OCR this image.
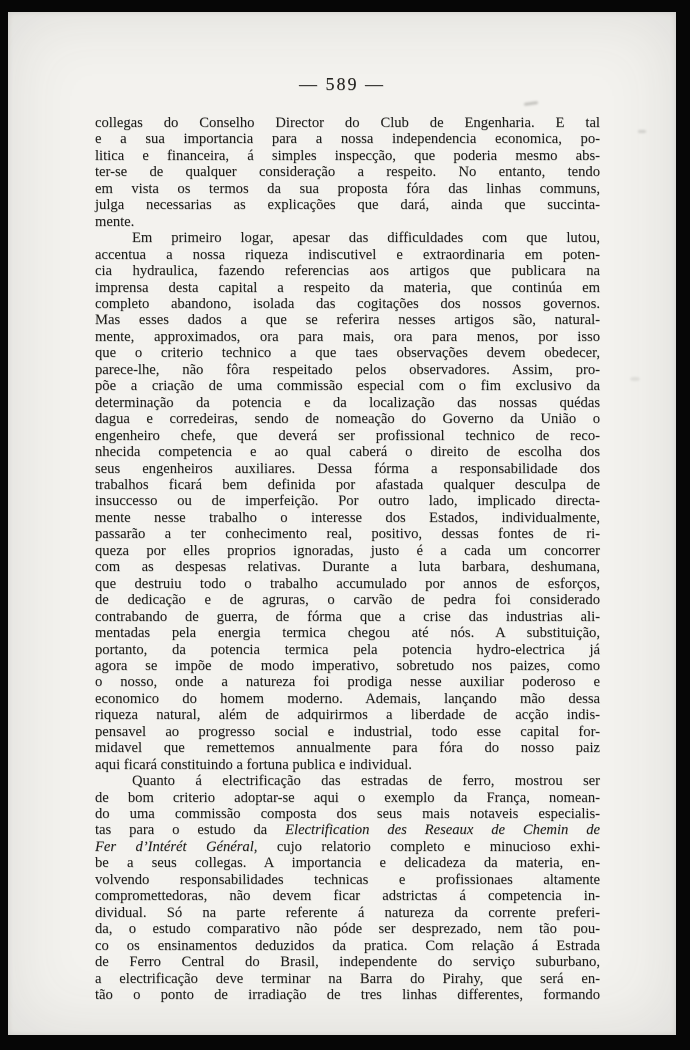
— 589 —

collegas do Conselho Director do Club de Engenharia. E tal
e a sua importancia para a nossa independencia economica, po-
litica e financeira, á simples inspecção, que poderia mesmo abs-
ter-se de qualquer consideração a respeito. No entanto, tendo
em vista os termos da sua proposta fóra das linhas communs,
julga necessarias as explicações que dará, ainda que succinta-
mente.

Em primeiro logar, apesar das difficuldades com que lutou,
accentua a nossa riqueza indiscutivel e extraordinaria em poten-
cia hydraulica, fazendo referencias aos artigos que publicara na
imprensa desta capital a respeito da materia, que continúa em
completo abandono, isolada das cogitações dos nossos governos.
Mas esses dados a que se referira nesses artigos são, natural-
mente, approximados, ora para mais, ora para menos, por isso
que o criterio technico a que taes observações devem obedecer,
parece-lhe, não fôra respeitado pelos observadores. Assim, pro-
põe a criação de uma commissão especial com o fim exclusivo da
determinação da potencia e da localização das nossas quédas
dagua e corredeiras, sendo de nomeação do Governo da União o
engenheiro chefe, que deverá ser profissional technico de reco-
nhecida competencia e ao qual caberá o direito de escolha dos
seus engenheiros auxiliares. Dessa fórma a responsabilidade dos
trabalhos ficará bem definida por afastada qualquer desculpa de
insuccesso ou de imperfeição. Por outro lado, implicado directa-
mente nesse trabalho o interesse dos Estados, individualmente,
passarão a ter conhecimento real, positivo, dessas fontes de ri-
queza por elles proprios ignoradas, justo é a cada um concorrer
com as despesas relativas. Durante a luta barbara, deshumana,
que destruiu todo o trabalho accumulado por annos de esforços,
de dedicação e de agruras, o carvão de pedra foi considerado
contrabando de guerra, de fórma que a crise das industrias ali-
mentadas pela energia termica chegou até nós. A substituição,
portanto, da potencia termica pela potencia hydro-electrica já
agora se impõe de modo imperativo, sobretudo nos paizes, como
o nosso, onde a natureza foi prodiga nesse auxiliar poderoso e
economico do homem moderno. Ademais, lançando mão dessa
riqueza natural, além de adquirirmos a liberdade de acção indis-
pensavel ao progresso social e industrial, todo esse capital for-
midavel que remettemos annualmente para fóra do nosso paiz
aqui ficará constituindo a fortuna publica e individual.

Quanto á electrificação das estradas de ferro, mostrou ser
de bom criterio adoptar-se aqui o exemplo da França, nomean-
do uma commissão composta dos seus mais notaveis especialis-
tas para o estudo da Electrification des Reseaux de Chemin de
Fer d’Intérét Général, cujo relatorio completo e minucioso exhi-
be a seus collegas. A importancia e delicadeza da materia, en-
volvendo responsabilidades technicas e profissionaes altamente
compromettedoras, não devem ficar adstrictas á competencia in-
dividual. Só na parte referente á natureza da corrente preferi-
da, o estudo comparativo não póde ser desprezado, nem tão pou-
co os ensinamentos deduzidos da pratica. Com relação á Estrada
de Ferro Central do Brasil, independente do serviço suburbano,
a electrificação deve terminar na Barra do Pirahy, que será en-
tão o ponto de irradiação de tres linhas differentes, formando
